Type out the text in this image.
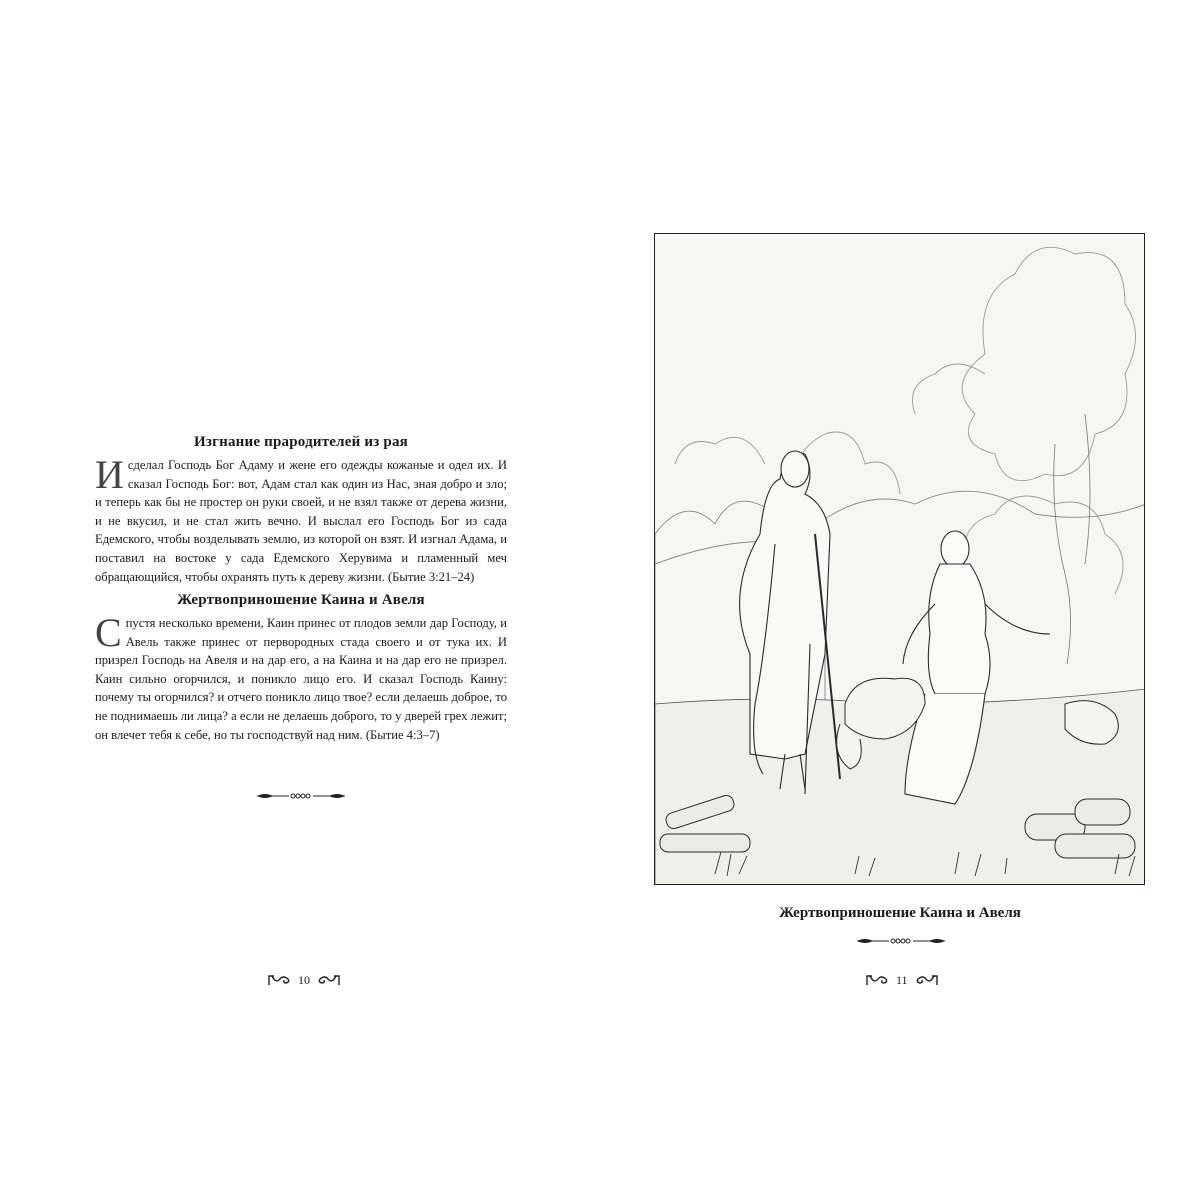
Изгнание прародителей из рая

И сделал Господь Бог Адаму и жене его одежды кожаные и одел их. И сказал Господь Бог: вот, Адам стал как один из Нас, зная добро и зло; и теперь как бы не простер он руки своей, и не взял также от дерева жизни, и не вкусил, и не стал жить вечно. И выслал его Господь Бог из сада Едемского, чтобы возделывать землю, из которой он взят. И изгнал Адама, и поставил на востоке у сада Едемского Херувима и пламенный меч обращающийся, чтобы охранять путь к дереву жизни. (Бытие 3:21–24)

Жертвоприношение Каина и Авеля

Спустя несколько времени, Каин принес от плодов земли дар Господу, и Авель также принес от первородных стада своего и от тука их. И призрел Господь на Авеля и на дар его, а на Каина и на дар его не призрел. Каин сильно огорчился, и поникло лицо его. И сказал Господь Каину: почему ты огорчился? и отчего поникло лицо твое? если делаешь доброе, то не поднимаешь ли лица? а если не делаешь доброго, то у дверей грех лежит; он влечет тебя к себе, но ты господствуй над ним. (Бытие 4:3–7)

10
Жертвоприношение Каина и Авеля
11
